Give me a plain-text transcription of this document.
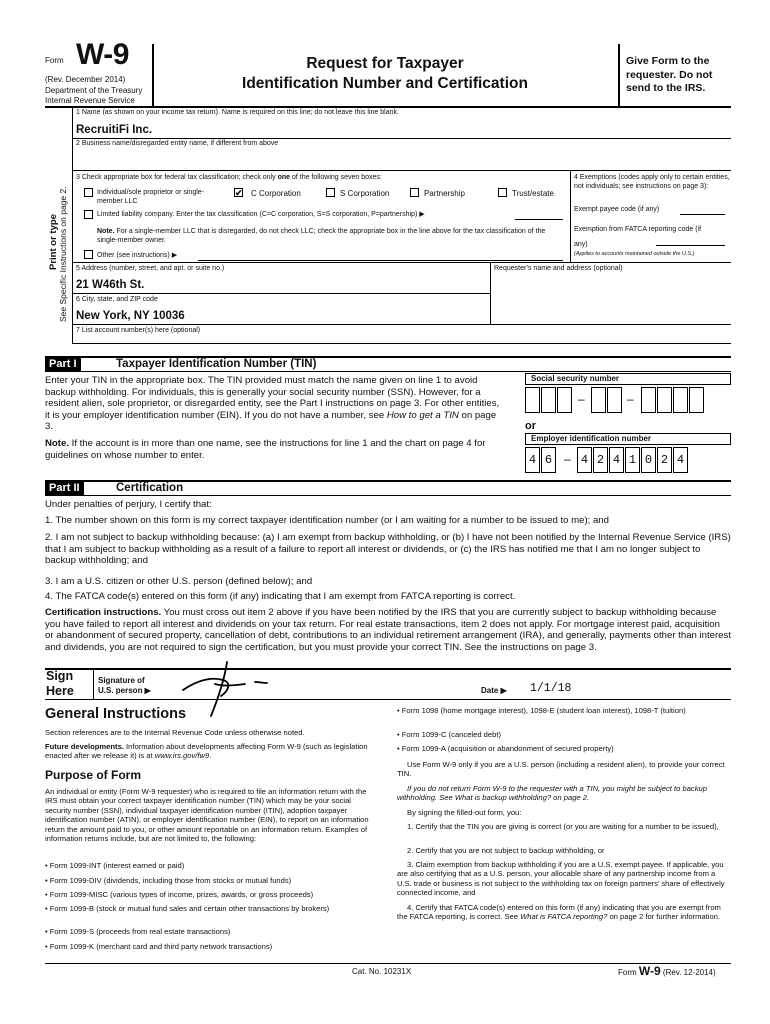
Form W-9
(Rev. December 2014)
Department of the Treasury
Internal Revenue Service
Request for Taxpayer
Identification Number and Certification
Give Form to the requester. Do not send to the IRS.
Print or type See Specific Instructions on page 2.
1 Name (as shown on your income tax return). Name is required on this line; do not leave this line blank.
RecruitiFi Inc.
2 Business name/disregarded entity name, if different from above
3 Check appropriate box for federal tax classification; check only one of the following seven boxes:
Individual/sole proprietor or single-member LLC
✔ C Corporation	S Corporation	Partnership	Trust/estate
Limited liability company. Enter the tax classification (C=C corporation, S=S corporation, P=partnership) ▶
Note. For a single-member LLC that is disregarded, do not check LLC; check the appropriate box in the line above for the tax classification of the single-member owner.
Other (see instructions) ▶
4 Exemptions (codes apply only to certain entities, not individuals; see instructions on page 3):
Exempt payee code (if any)
Exemption from FATCA reporting code (if any)
(Applies to accounts maintained outside the U.S.)
5 Address (number, street, and apt. or suite no.)
21 W46th St.
Requester’s name and address (optional)
6 City, state, and ZIP code
New York, NY 10036
7 List account number(s) here (optional)
Part I	Taxpayer Identification Number (TIN)
Enter your TIN in the appropriate box. The TIN provided must match the name given on line 1 to avoid backup withholding. For individuals, this is generally your social security number (SSN). However, for a resident alien, sole proprietor, or disregarded entity, see the Part I instructions on page 3. For other entities, it is your employer identification number (EIN). If you do not have a number, see How to get a TIN on page 3.
Note. If the account is in more than one name, see the instructions for line 1 and the chart on page 4 for guidelines on whose number to enter.
Social security number
–	–
or
Employer identification number
4 6 – 4 2 4 1 0 2 4
Part II	Certification
Under penalties of perjury, I certify that:
1. The number shown on this form is my correct taxpayer identification number (or I am waiting for a number to be issued to me); and
2. I am not subject to backup withholding because: (a) I am exempt from backup withholding, or (b) I have not been notified by the Internal Revenue Service (IRS) that I am subject to backup withholding as a result of a failure to report all interest or dividends, or (c) the IRS has notified me that I am no longer subject to backup withholding; and
3. I am a U.S. citizen or other U.S. person (defined below); and
4. The FATCA code(s) entered on this form (if any) indicating that I am exempt from FATCA reporting is correct.
Certification instructions. You must cross out item 2 above if you have been notified by the IRS that you are currently subject to backup withholding because you have failed to report all interest and dividends on your tax return. For real estate transactions, item 2 does not apply. For mortgage interest paid, acquisition or abandonment of secured property, cancellation of debt, contributions to an individual retirement arrangement (IRA), and generally, payments other than interest and dividends, you are not required to sign the certification, but you must provide your correct TIN. See the instructions on page 3.
Sign
Here
Signature of
U.S. person ▶	Date ▶ 1/1/18
General Instructions
Section references are to the Internal Revenue Code unless otherwise noted.
Future developments. Information about developments affecting Form W-9 (such as legislation enacted after we release it) is at www.irs.gov/fw9.
Purpose of Form
An individual or entity (Form W-9 requester) who is required to file an information return with the IRS must obtain your correct taxpayer identification number (TIN) which may be your social security number (SSN), individual taxpayer identification number (ITIN), adoption taxpayer identification number (ATIN), or employer identification number (EIN), to report on an information return the amount paid to you, or other amount reportable on an information return. Examples of information returns include, but are not limited to, the following:
• Form 1099-INT (interest earned or paid)
• Form 1099-DIV (dividends, including those from stocks or mutual funds)
• Form 1099-MISC (various types of income, prizes, awards, or gross proceeds)
• Form 1099-B (stock or mutual fund sales and certain other transactions by brokers)
• Form 1099-S (proceeds from real estate transactions)
• Form 1099-K (merchant card and third party network transactions)
• Form 1098 (home mortgage interest), 1098-E (student loan interest), 1098-T (tuition)
• Form 1099-C (canceled debt)
• Form 1099-A (acquisition or abandonment of secured property)
Use Form W-9 only if you are a U.S. person (including a resident alien), to provide your correct TIN.
If you do not return Form W-9 to the requester with a TIN, you might be subject to backup withholding. See What is backup withholding? on page 2.
By signing the filled-out form, you:
1. Certify that the TIN you are giving is correct (or you are waiting for a number to be issued),
2. Certify that you are not subject to backup withholding, or
3. Claim exemption from backup withholding if you are a U.S. exempt payee. If applicable, you are also certifying that as a U.S. person, your allocable share of any partnership income from a U.S. trade or business is not subject to the withholding tax on foreign partners’ share of effectively connected income, and
4. Certify that FATCA code(s) entered on this form (if any) indicating that you are exempt from the FATCA reporting, is correct. See What is FATCA reporting? on page 2 for further information.
Cat. No. 10231X	Form W-9 (Rev. 12-2014)
